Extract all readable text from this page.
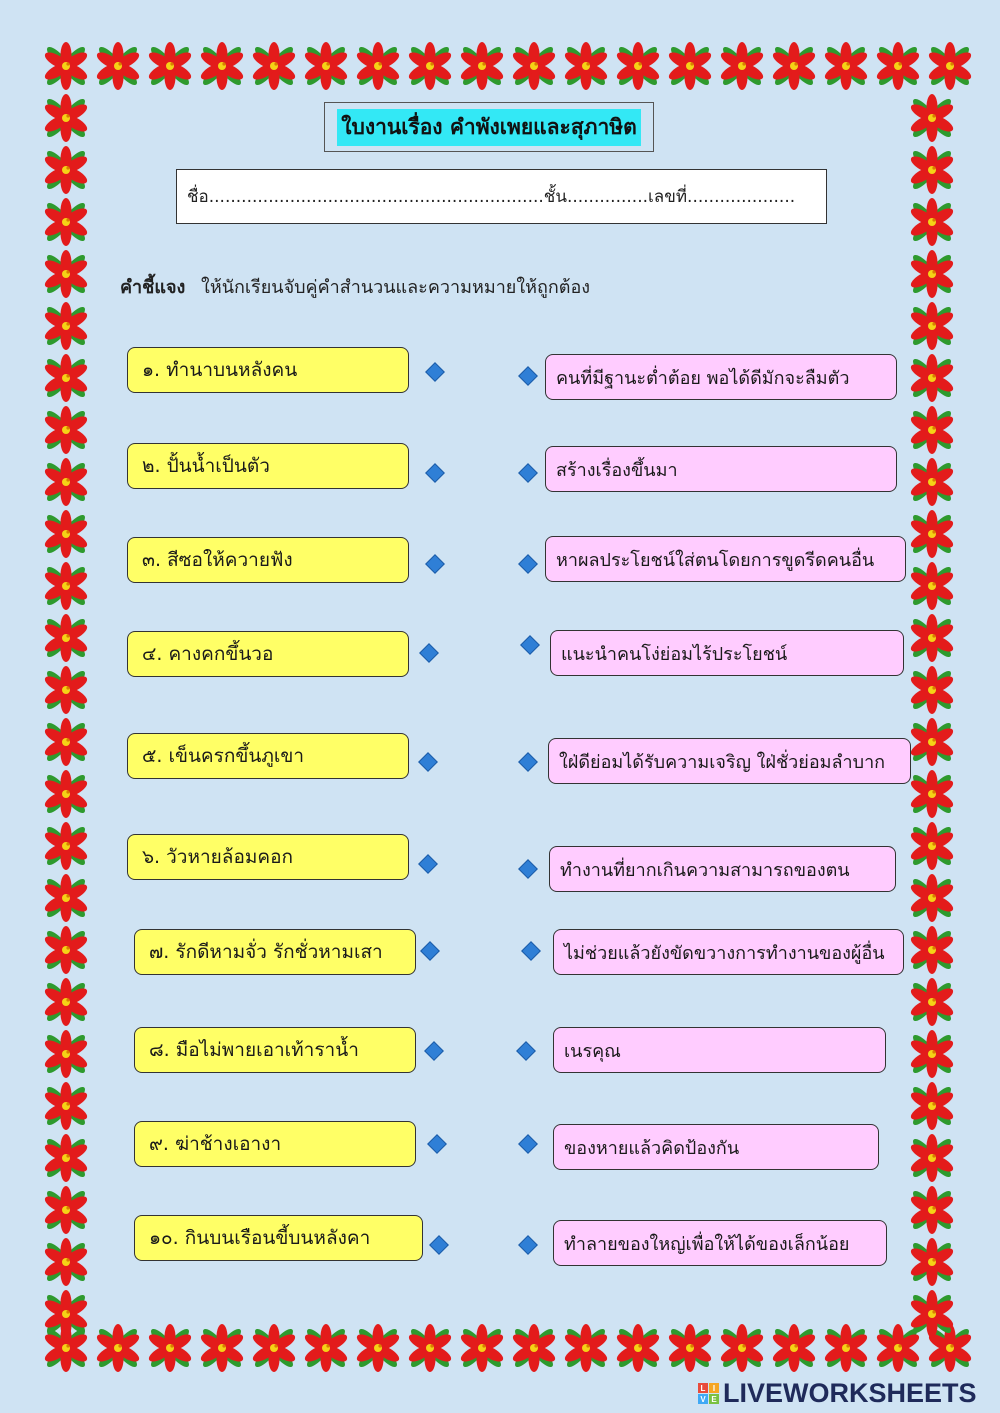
ใบงานเรื่อง คำพังเพยและสุภาษิต
ชื่อ..............................................................ชั้น...............เลขที่....................
คำชี้แจง ให้นักเรียนจับคู่คำสำนวนและความหมายให้ถูกต้อง
๑. ทำนาบนหลังคน
๒. ปั้นน้ำเป็นตัว
๓. สีซอให้ควายฟัง
๔. คางคกขึ้นวอ
๕. เข็นครกขึ้นภูเขา
๖. วัวหายล้อมคอก
๗. รักดีหามจั่ว รักชั่วหามเสา
๘. มือไม่พายเอาเท้าราน้ำ
๙. ฆ่าช้างเอางา
๑๐. กินบนเรือนขี้บนหลังคา
คนที่มีฐานะต่ำต้อย พอได้ดีมักจะลืมตัว
สร้างเรื่องขึ้นมา
หาผลประโยชน์ใส่ตนโดยการขูดรีดคนอื่น
แนะนำคนโง่ย่อมไร้ประโยชน์
ใฝ่ดีย่อมได้รับความเจริญ ใฝ่ชั่วย่อมลำบาก
ทำงานที่ยากเกินความสามารถของตน
ไม่ช่วยแล้วยังขัดขวางการทำงานของผู้อื่น
เนรคุณ
ของหายแล้วคิดป้องกัน
ทำลายของใหญ่เพื่อให้ได้ของเล็กน้อย
L I
V E LIVEWORKSHEETS
